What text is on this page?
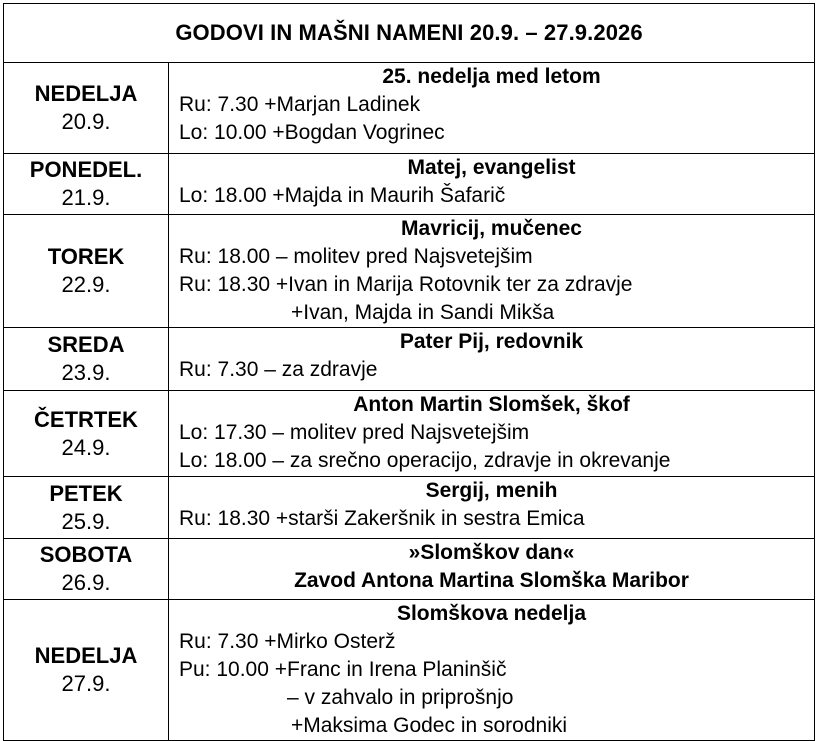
GODOVI IN MAŠNI NAMENI 20.9. – 27.9.2026	

NEDELJA
20.9.	25. nedelja med letom
Ru: 7.30 +Marjan Ladinek
Lo: 10.00 +Bogdan Vogrinec

PONEDEL.
21.9.	Matej, evangelist
Lo: 18.00 +Majda in Maurih Šafarič

TOREK
22.9.	Mavricij, mučenec
Ru: 18.00 – molitev pred Najsvetejšim
Ru: 18.30 +Ivan in Marija Rotovnik ter za zdravje
+Ivan, Majda in Sandi Mikša

SREDA
23.9.	Pater Pij, redovnik
Ru: 7.30 – za zdravje

ČETRTEK
24.9.	Anton Martin Slomšek, škof
Lo: 17.30 – molitev pred Najsvetejšim
Lo: 18.00 – za srečno operacijo, zdravje in okrevanje

PETEK
25.9.	Sergij, menih
Ru: 18.30 +starši Zakeršnik in sestra Emica

SOBOTA
26.9.	»Slomškov dan«
Zavod Antona Martina Slomška Maribor

NEDELJA
27.9.	Slomškova nedelja
Ru: 7.30 +Mirko Osterž
Pu: 10.00 +Franc in Irena Planinšič
– v zahvalo in priprošnjo
+Maksima Godec in sorodniki
